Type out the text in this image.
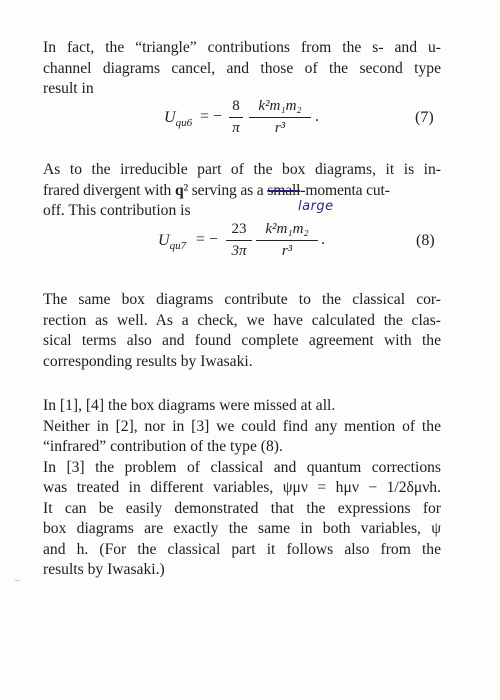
In fact, the “triangle” contributions from the s- and u-
channel diagrams cancel, and those of the second type
result in
$U_{qu6}$ = −
8
π
k²m₁m₂
r³
.	(7)
As to the irreducible part of the box diagrams, it is in-
frared divergent with q² serving as a small-momenta cut-
off. This contribution is	large
$U_{qu7}$ = −
23
3π
k²m₁m₂
r³
.	(8)
The same box diagrams contribute to the classical cor-
rection as well. As a check, we have calculated the clas-
sical terms also and found complete agreement with the
corresponding results by Iwasaki.
In [1], [4] the box diagrams were missed at all.
Neither in [2], nor in [3] we could find any mention of the
“infrared” contribution of the type (8).
In [3] the problem of classical and quantum corrections
was treated in different variables, ψμν = hμν − 1/2δμνh.
It can be easily demonstrated that the expressions for
box diagrams are exactly the same in both variables, ψ
and h. (For the classical part it follows also from the
results by Iwasaki.)
–
